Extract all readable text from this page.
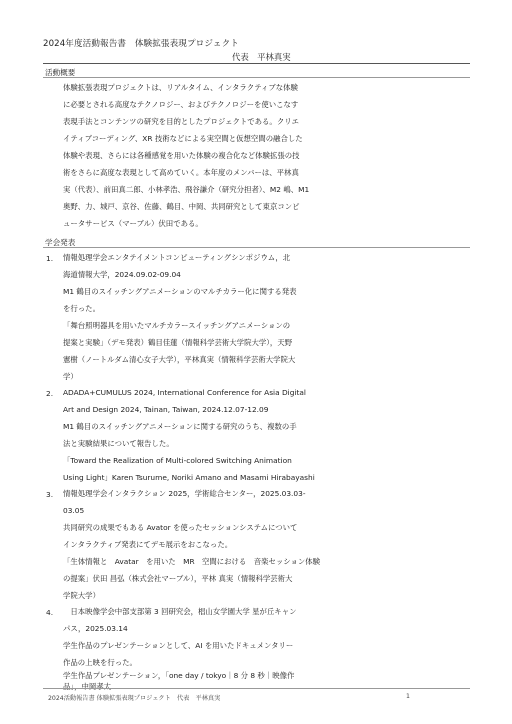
2024年度活動報告書　体験拡張表現プロジェクト
代表　平林真実
活動概要
体験拡張表現プロジェクトは、リアルタイム、インタラクティブな体験
に必要とされる高度なテクノロジー、およびテクノロジーを使いこなす
表現手法とコンテンツの研究を目的としたプロジェクトである。クリエ
イティブコーディング、XR 技術などによる実空間と仮想空間の融合した
体験や表現、さらには各種感覚を用いた体験の複合化など体験拡張の技
術をさらに高度な表現として高めていく。本年度のメンバーは、平林真
実（代表）、前田真二郎、小林孝浩、飛谷謙介（研究分担者）、M2 嶋、M1
奥野、力、城戸、京谷、佐藤、鶴目、中岡、共同研究として東京コンピ
ュータサービス（マーブル）伏田である。
学会発表
1. 情報処理学会エンタテイメントコンピューティングシンポジウム，北
海道情報大学，2024.09.02-09.04
M1 鶴目のスイッチングアニメーションのマルチカラー化に関する発表
を行った。
「舞台照明器具を用いたマルチカラースイッチングアニメーションの
提案と実験」（デモ発表）鶴目佳蓮（情報科学芸術大学院大学），天野
憲樹（ノートルダム清心女子大学），平林真実（情報科学芸術大学院大
学）
2. ADADA+CUMULUS 2024, International Conference for Asia Digital
Art and Design 2024, Tainan, Taiwan, 2024.12.07-12.09
M1 鶴目のスイッチングアニメーションに関する研究のうち、複数の手
法と実験結果について報告した。
「Toward the Realization of Multi-colored Switching Animation
Using Light」Karen Tsurume, Noriki Amano and Masami Hirabayashi
3. 情報処理学会インタラクション 2025，学術総合センター，2025.03.03-
03.05
共同研究の成果でもある Avator を使ったセッションシステムについて
インタラクティブ発表にてデモ展示をおこなった。
「生体情報と　Avatar　を用いた　MR　空間における　音楽セッション体験
の提案」伏田 昌弘（株式会社マーブル），平林 真実（情報科学芸術大
学院大学）
4. 　日本映像学会中部支部第 3 回研究会，椙山女学園大学 星が丘キャン
パス，2025.03.14
学生作品のプレゼンテーションとして、AI を用いたドキュメンタリー
作品の上映を行った。
学生作品プレゼンテーション，「one day / tokyo｜8 分 8 秒｜映像作
品」，中岡孝太
2024活動報告書 体験拡張表現プロジェクト　代表　平林真実	1
